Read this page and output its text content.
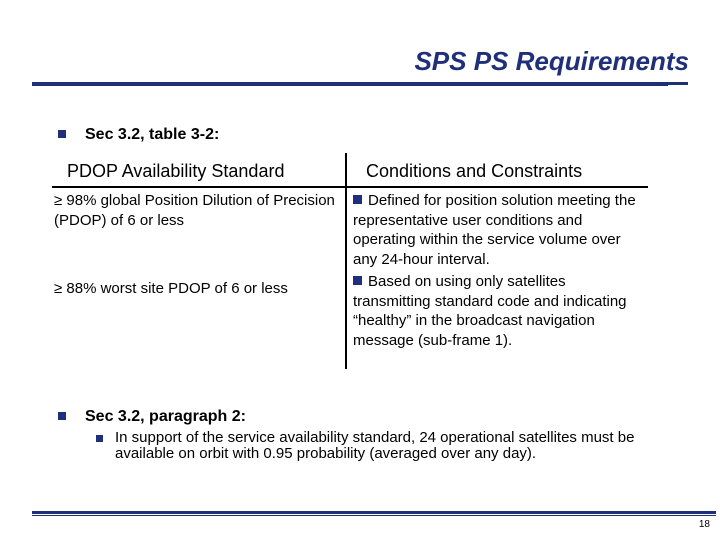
SPS PS Requirements
Sec 3.2, table 3-2:
PDOP Availability Standard	Conditions and Constraints
≥ 98% global Position Dilution of Precision (PDOP) of 6 or less
≥ 88% worst site PDOP of 6 or less
Defined for position solution meeting the representative user conditions and operating within the service volume over any 24-hour interval.
Based on using only satellites transmitting standard code and indicating “healthy” in the broadcast navigation message (sub-frame 1).
Sec 3.2, paragraph 2:
In support of the service availability standard, 24 operational satellites must be available on orbit with 0.95 probability (averaged over any day).
18
